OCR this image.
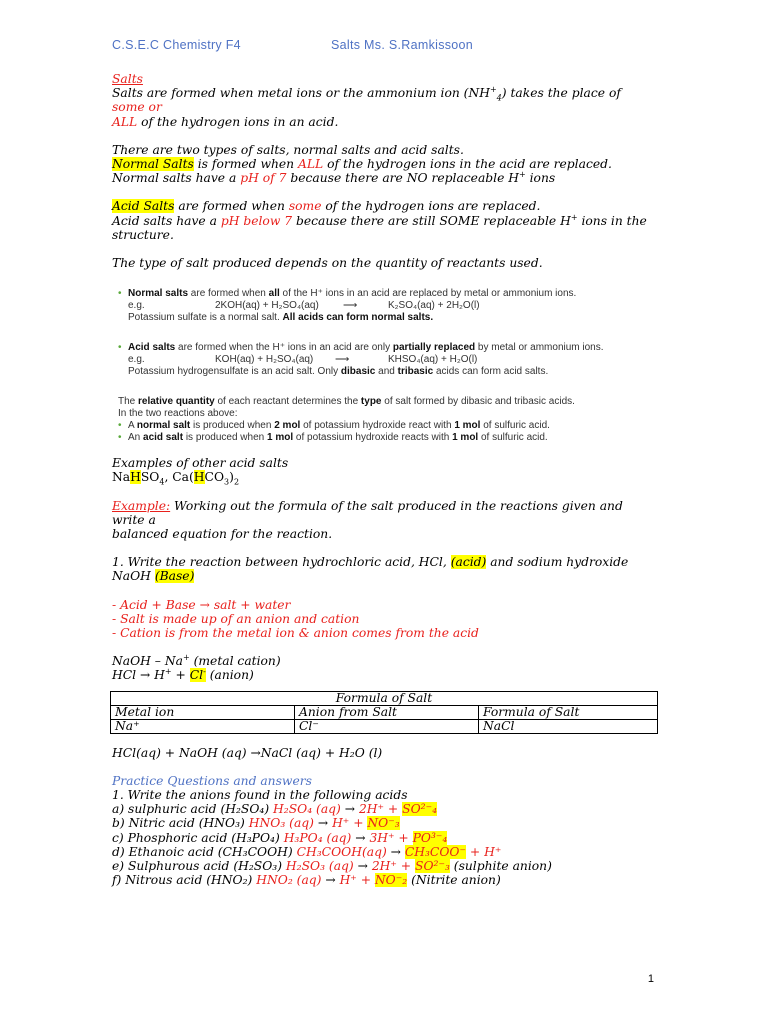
C.S.E.C Chemistry F4	Salts Ms. S.Ramkissoon

Salts

Salts are formed when metal ions or the ammonium ion $(NH^+_4)$ takes the place of some or

ALL of the hydrogen ions in an acid.

There are two types of salts, normal salts and acid salts.

Normal Salts is formed when ALL of the hydrogen ions in the acid are replaced.

Normal salts have a pH of 7 because there are NO replaceable H+ ions

Acid Salts are formed when some of the hydrogen ions are replaced.

Acid salts have a pH below 7 because there are still SOME replaceable H+ ions in the

structure.

The type of salt produced depends on the quantity of reactants used.

• Normal salts are formed when all of the H⁺ ions in an acid are replaced by metal or ammonium ions.
e.g.	2KOH(aq) + H₂SO₄(aq)	⟶	K₂SO₄(aq) + 2H₂O(l)
Potassium sulfate is a normal salt. All acids can form normal salts.
• Acid salts are formed when the H⁺ ions in an acid are only partially replaced by metal or ammonium ions.
e.g.	KOH(aq) + H₂SO₄(aq)	⟶	KHSO₄(aq) + H₂O(l)
Potassium hydrogensulfate is an acid salt. Only dibasic and tribasic acids can form acid salts.
The relative quantity of each reactant determines the type of salt formed by dibasic and tribasic acids.
In the two reactions above:
• A normal salt is produced when 2 mol of potassium hydroxide react with 1 mol of sulfuric acid.
• An acid salt is produced when 1 mol of potassium hydroxide reacts with 1 mol of sulfuric acid.

Examples of other acid salts

NaHSO$_4$, $Ca(HCO_3)_2$

Example: Working out the formula of the salt produced in the reactions given and write a

balanced equation for the reaction.

1. Write the reaction between hydrochloric acid, HCl, (acid) and sodium hydroxide

NaOH (Base)

- Acid + Base → salt + water

- Salt is made up of an anion and cation

- Cation is from the metal ion & anion comes from the acid

NaOH – Na+ (metal cation)

HCl → H+ + Cl- (anion)

Formula of Salt		
Metal ion	Anion from Salt	Formula of Salt
Na⁺	Cl⁻	NaCl

HCl(aq) + NaOH (aq) →NaCl (aq) + H₂O (l)

Practice Questions and answers

1. Write the anions found in the following acids

a) sulphuric acid (H₂SO₄) H₂SO₄ (aq) → 2H⁺ + SO²⁻₄

b) Nitric acid (HNO₃) HNO₃ (aq) → H⁺ + NO⁻₃

c) Phosphoric acid (H₃PO₄) H₃PO₄ (aq) → 3H⁺ + PO³⁻₄

d) Ethanoic acid (CH₃COOH) CH₃COOH(aq) → CH₃COO⁻ + H⁺

e) Sulphurous acid (H₂SO₃) H₂SO₃ (aq) → 2H⁺ + SO²⁻₃ (sulphite anion)

f) Nitrous acid (HNO₂) HNO₂ (aq) → H⁺ + NO⁻₂ (Nitrite anion)

1
